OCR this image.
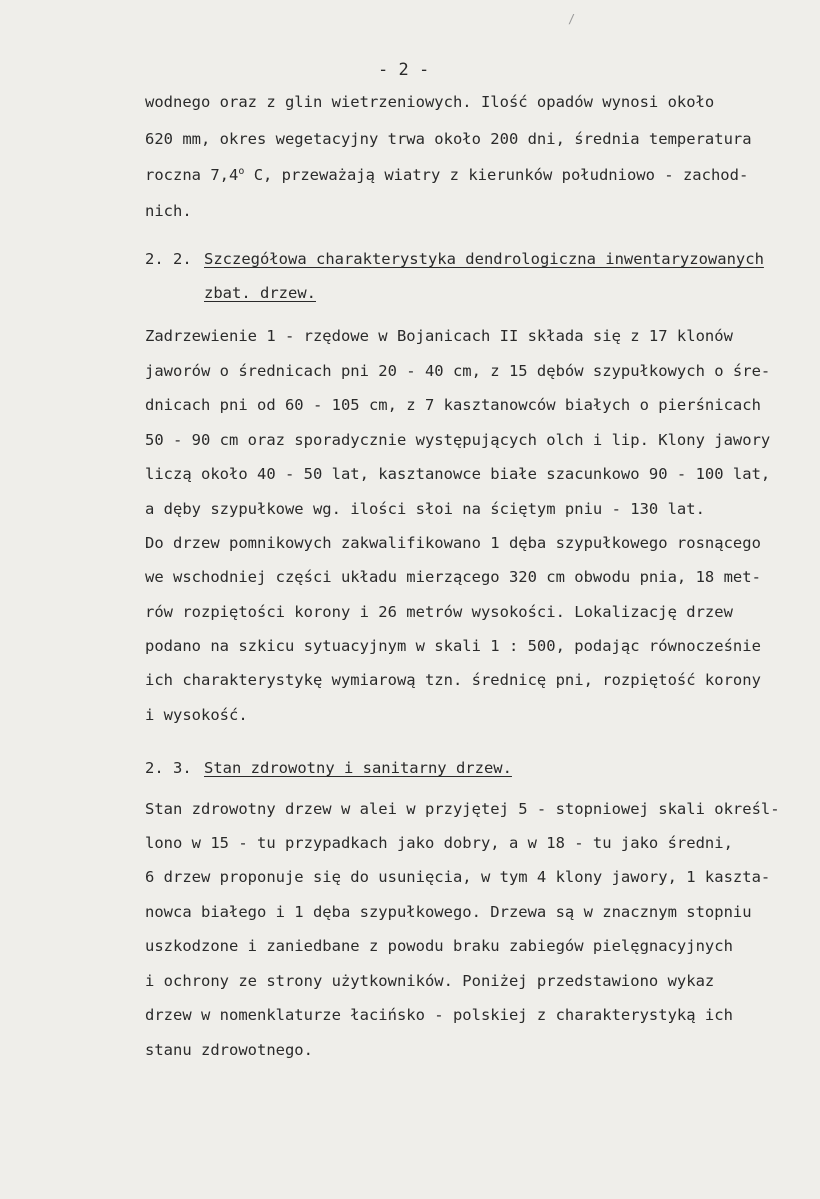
/
- 2 -
wodnego oraz z glin wietrzeniowych. Ilość opadów wynosi około
620 mm, okres wegetacyjny trwa około 200 dni, średnia temperatura
roczna 7,4$^o$ C, przeważają wiatry z kierunków południowo - zachod-
nich.
2. 2. Szczegółowa charakterystyka dendrologiczna inwentaryzowanych
zbat. drzew.
Zadrzewienie 1 - rzędowe w Bojanicach II składa się z 17 klonów
jaworów o średnicach pni 20 - 40 cm, z 15 dębów szypułkowych o śre-
dnicach pni od 60 - 105 cm, z 7 kasztanowców białych o pierśnicach
50 - 90 cm oraz sporadycznie występujących olch i lip. Klony jawory
liczą około 40 - 50 lat, kasztanowce białe szacunkowo 90 - 100 lat,
a dęby szypułkowe wg. ilości słoi na ściętym pniu - 130 lat.
Do drzew pomnikowych zakwalifikowano 1 dęba szypułkowego rosnącego
we wschodniej części układu mierzącego 320 cm obwodu pnia, 18 met-
rów rozpiętości korony i 26 metrów wysokości. Lokalizację drzew
podano na szkicu sytuacyjnym w skali 1 : 500, podając równocześnie
ich charakterystykę wymiarową tzn. średnicę pni, rozpiętość korony
i wysokość.
2. 3. Stan zdrowotny i sanitarny drzew.
Stan zdrowotny drzew w alei w przyjętej 5 - stopniowej skali określ-
lono w 15 - tu przypadkach jako dobry, a w 18 - tu jako średni,
6 drzew proponuje się do usunięcia, w tym 4 klony jawory, 1 kaszta-
nowca białego i 1 dęba szypułkowego. Drzewa są w znacznym stopniu
uszkodzone i zaniedbane z powodu braku zabiegów pielęgnacyjnych
i ochrony ze strony użytkowników. Poniżej przedstawiono wykaz
drzew w nomenklaturze łacińsko - polskiej z charakterystyką ich
stanu zdrowotnego.
